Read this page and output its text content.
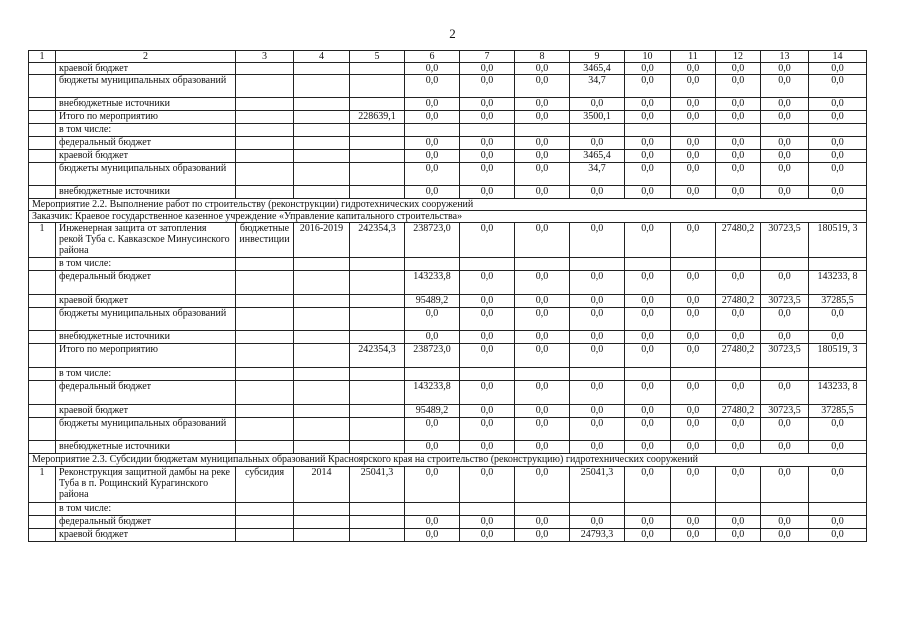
2
1	2	3	4	5	6	7	8	9	10	11	12	13	14
	краевой бюджет				0,0	0,0	0,0	3465,4	0,0	0,0	0,0	0,0	0,0
	бюджеты муниципальных образований				0,0	0,0	0,0	34,7	0,0	0,0	0,0	0,0	0,0
	внебюджетные источники				0,0	0,0	0,0	0,0	0,0	0,0	0,0	0,0	0,0
	Итого по мероприятию			228639,1	0,0	0,0	0,0	3500,1	0,0	0,0	0,0	0,0	0,0
	в том числе:												
	федеральный бюджет				0,0	0,0	0,0	0,0	0,0	0,0	0,0	0,0	0,0
	краевой бюджет				0,0	0,0	0,0	3465,4	0,0	0,0	0,0	0,0	0,0
	бюджеты муниципальных образований				0,0	0,0	0,0	34,7	0,0	0,0	0,0	0,0	0,0
	внебюджетные источники				0,0	0,0	0,0	0,0	0,0	0,0	0,0	0,0	0,0
Мероприятие 2.2. Выполнение работ по строительству (реконструкции) гидротехнических сооружений													
Заказчик: Краевое государственное казенное учреждение «Управление капитального строительства»													
1	Инженерная защита от затопления рекой Туба с. Кавказское Минусинского района	бюджетные инвестиции	2016-2019	242354,3	238723,0	0,0	0,0	0,0	0,0	0,0	27480,2	30723,5	180519, 3
	в том числе:												
	федеральный бюджет				143233,8	0,0	0,0	0,0	0,0	0,0	0,0	0,0	143233, 8
	краевой бюджет				95489,2	0,0	0,0	0,0	0,0	0,0	27480,2	30723,5	37285,5
	бюджеты муниципальных образований				0,0	0,0	0,0	0,0	0,0	0,0	0,0	0,0	0,0
	внебюджетные источники				0,0	0,0	0,0	0,0	0,0	0,0	0,0	0,0	0,0
	Итого по мероприятию			242354,3	238723,0	0,0	0,0	0,0	0,0	0,0	27480,2	30723,5	180519, 3
	в том числе:												
	федеральный бюджет				143233,8	0,0	0,0	0,0	0,0	0,0	0,0	0,0	143233, 8
	краевой бюджет				95489,2	0,0	0,0	0,0	0,0	0,0	27480,2	30723,5	37285,5
	бюджеты муниципальных образований				0,0	0,0	0,0	0,0	0,0	0,0	0,0	0,0	0,0
	внебюджетные источники				0,0	0,0	0,0	0,0	0,0	0,0	0,0	0,0	0,0
Мероприятие 2.3. Субсидии бюджетам муниципальных образований Красноярского края на строительство (реконструкцию) гидротехнических сооружений													
1	Реконструкция защитной дамбы на реке Туба в п. Рощинский Курагинского района	субсидия	2014	25041,3	0,0	0,0	0,0	25041,3	0,0	0,0	0,0	0,0	0,0
	в том числе:												
	федеральный бюджет				0,0	0,0	0,0	0,0	0,0	0,0	0,0	0,0	0,0
	краевой бюджет				0,0	0,0	0,0	24793,3	0,0	0,0	0,0	0,0	0,0
